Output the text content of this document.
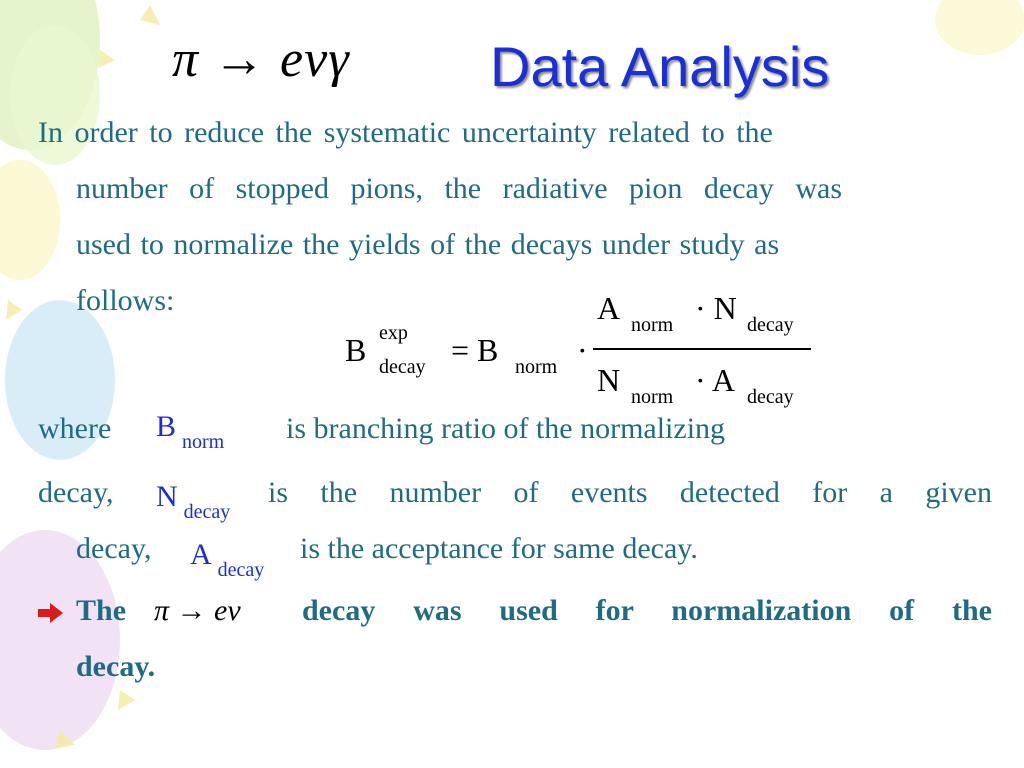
π → eνγ	Data Analysis
In order to reduce the systematic uncertainty related to the
number of stopped pions, the radiative pion decay was
used to normalize the yields of the decays under study as
follows:
B exp
decay = B norm ·
A norm · N decay
N norm · A decay
where B $_{norm}$ is branching ratio of the normalizing
decay, N $_{decay}$
is the number of events detected for a given
decay, A $_{decay}$
is the acceptance for same decay.
The π → eν decay was used for normalization of the
decay.
